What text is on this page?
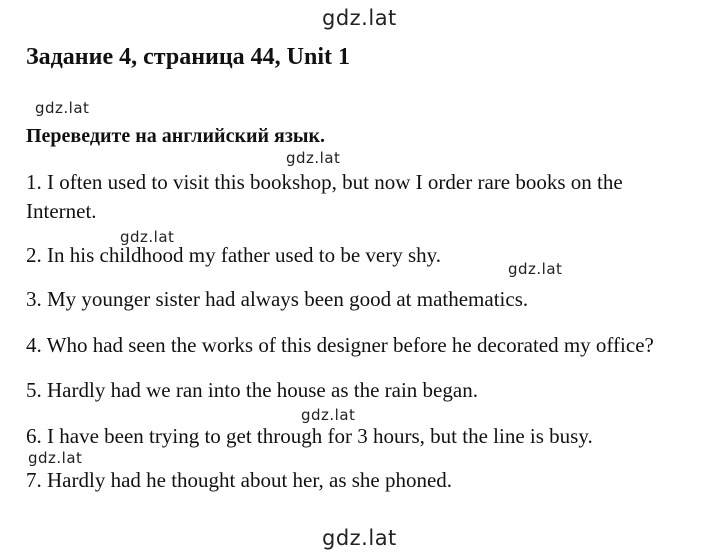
gdz.lat
gdz.lat
gdz.lat
gdz.lat
gdz.lat
gdz.lat
gdz.lat
gdz.lat
Задание 4, страница 44, Unit 1
Переведите на английский язык.
1. I often used to visit this bookshop, but now I order rare books on the
Internet.
2. In his childhood my father used to be very shy.
3. My younger sister had always been good at mathematics.
4. Who had seen the works of this designer before he decorated my office?
5. Hardly had we ran into the house as the rain began.
6. I have been trying to get through for 3 hours, but the line is busy.
7. Hardly had he thought about her, as she phoned.
